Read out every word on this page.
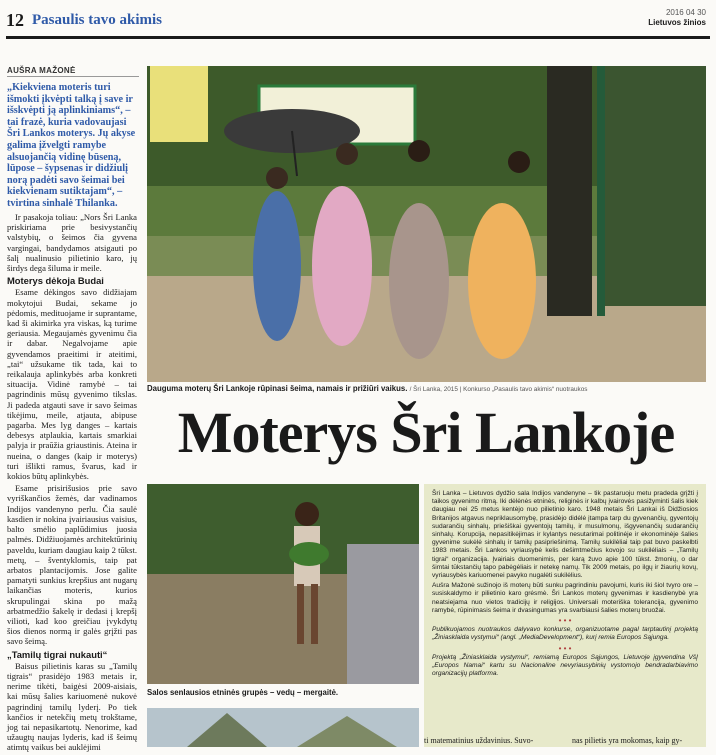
12 Pasaulis tavo akimis	2016 04 30
Lietuvos žinios
AUŠRA MAŽONĖ
„Kiekviena moteris turi išmokti įkvėpti talką į save ir išskvėpti ją aplinkiniams“, – tai frazė, kuria vadovaujasi Šri Lankos moterys. Jų akyse galima įžvelgti ramybe alsuojančią vidinę būseną, lūpose – šypsenas ir didžiulį norą padėti savo šeimai bei kiekvienam sutiktajam“, – tvirtina sinhalė Thilanka.

Ir pasakoja toliau: „Nors Šri Lanka priskiriama prie besivystančių valstybių, o šeimos čia gyvena vargingai, bandydamos atsigauti po šalį nualinusio pilietinio karo, jų širdys dega šiluma ir meile.

Moterys dėkoja Budai

Esame dėkingos savo didžiajam mokytojui Budai, sekame jo pėdomis, medituojame ir suprantame, kad ši akimirka yra viskas, ką turime geriausia. Megaujamės gyvenimu čia ir dabar. Negalvojame apie gyvendamos praeitimi ir ateitimi, „tai“ užsukame tik tada, kai to reikalauja aplinkybės arba konkreti situacija. Vidinė ramybė – tai pagrindinis mūsų gyvenimo tikslas. Ji padeda atgauti save ir savo šeimas tikėjimu, meile, atjauta, abipuse pagarba. Mes lyg danges – kartais debesys atplaukia, kartais smarkiai palyja ir praūžia griaustinis. Ateina ir nueina, o danges (kaip ir moterys) turi išlikti ramus, švarus, kad ir kokios būtų aplinkybės.

Esame prisirišusios prie savo vyriškančios žemės, dar vadinamos Indijos vandenyno perlu. Čia saulė kasdien ir nokina įvairiausius vaisius, balto smėlio paplūdimius juosia palmės. Didžiuojamės architektūrinių paveldu, kuriam daugiau kaip 2 tūkst. metų, – šventyklomis, taip pat arbatos plantacijomis. Jose galite pamatyti sunkius krepšius ant nugarų laikančias moteris, kurios skrupulingai skina po mažą arbatmedžio šakelę ir dedasi į krepšį vilioti, kad koo greičiau įvykdytų šios dienos normą ir galės grįžti pas savo šeimą.

„Tamilų tigrai nukauti“

Baisus pilietinis karas su „Tamilų tigrais“ prasidėjo 1983 metais ir, nerime tikėti, baigėsi 2009-aisiais, kai mūsų šalies kariuomenė nukovė pagrindinį tamilų lyderį. Po tiek kančios ir netekčių metų trokštame, jog tai nepasikartotų. Nenorime, kad užaugtų naujas lyderis, kad iš šeimų atimtų vaikus bei auklėjimi

Dauguma moterų Šri Lankoje rūpinasi šeima, namais ir prižiūri vaikus. / Šri Lanka, 2015 | Konkurso „Pasaulis tavo akimis“ nuotraukos
Moterys Šri Lankoje
Salos senlausios etninės grupės – vedų – mergaitė.

Šri Lanka – Lietuvos dydžio sala Indijos vandenyne – tik pastaruoju metu pradeda grįžti į taikos gyvenimo ritmą. Iki dėlėnės etninės, religinės ir kalbų įvairovės pasižyminti šalis kiek daugiau nei 25 metus kentėjo nuo pilietinio karo. 1948 metais Šri Lankai iš Didžiosios Britanijos atgavus nepriklausomybę, prasidėjo didėlė įtampa tarp du gyvenančių, gyventojų sudarančių sinhalų, priešiškai gyventojų tamilų, ir musulmonų, išgyvenančių sudarančių sinhalų. Korupcija, nepasitikėjimas ir kylantys nesutarimai politinėje ir ekonominėje šalies gyvenime sukėlė sinhalų ir tamilų pasipriešinimą. Tamilų sukilėliai taip pat buvo paskelbti 1983 metais. Šri Lankos vyriausybė kelis dešimtmečius kovojo su sukilėliais – „Tamilų tigrai“ organizacija. Įvairiais duomenimis, per karą žuvo apie 100 tūkst. žmonių, o dar šimtai tūkstančių tapo pabėgėliais ir netekę namų. Tik 2009 metais, po ilgų ir žiaurių kovų, vyriausybės kariuomenei pavyko nugalėti sukilėlius.

Aušra Mažonė sužinojo iš moterų būti sunku pagrindiniu pavojumi, kuris iki šiol tvyro ore – susiskaldymo ir pilietinio karo grėsmė. Šri Lankos moterų gyvenimas ir kasdienybė yra neatsiejama nuo vietos tradicijų ir religijos. Universali moteriška tolerancija, gyvenimo ramybė, rūpinimasis šeima ir dvasingumas yra svarbiausi šalies moterų bruožai.

• • •

Publikuojamos nuotraukos dalyvavo konkurse, organizuotame pagal tarptautinį projektą „Žiniasklaida vystymui“ (angl. „MediaDevelopment“), kurį remia Europos Sąjunga.

• • •

Projektą „Žiniasklaida vystymui“, remiamą Europos Sąjungos, Lietuvoje įgyvendina VšĮ „Europos Namai“ kartu su Nacionaline nevyriausybinių vystomojo bendradarbiavimo organizacijų platforma.

ti matematinius uždavinius. Suvo-	nas pilietis yra mokomas, kaip gy-
